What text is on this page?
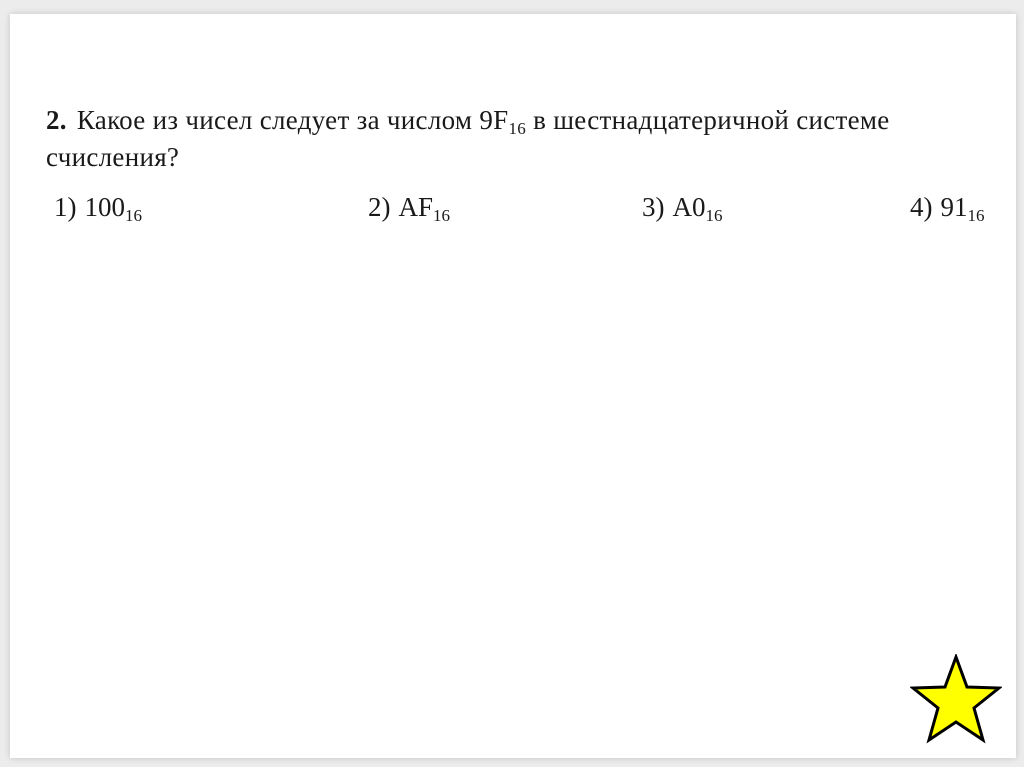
2. Какое из чисел следует за числом $9F_{16}$ в шестнадцатеричной системе
счисления?
1) $100_{16}$	2) $AF_{16}$	3) $A0_{16}$	4) $91_{16}$
